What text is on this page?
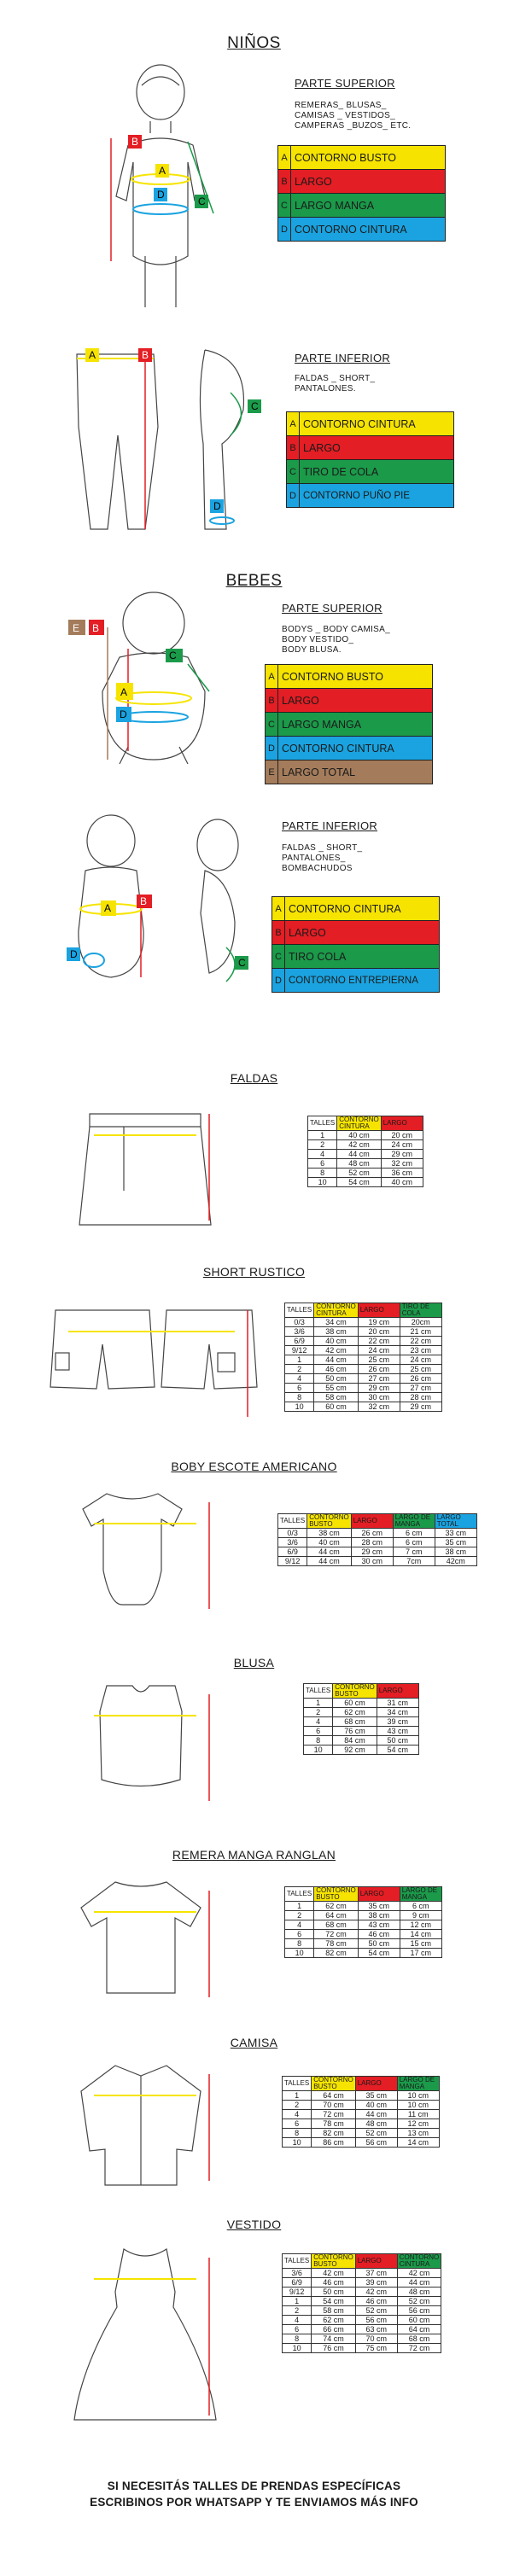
NIÑOS
B
A
D
C
PARTE SUPERIOR
REMERAS_ BLUSAS_
CAMISAS _ VESTIDOS_
CAMPERAS _BUZOS_ ETC.
A	CONTORNO BUSTO
B	LARGO
C	LARGO MANGA
D	CONTORNO CINTURA
A	B
C
D
PARTE INFERIOR
FALDAS _ SHORT_
PANTALONES.
A	CONTORNO CINTURA
B	LARGO
C	TIRO DE COLA
D	CONTORNO PUÑO PIE
BEBES
E B
A
D
C
PARTE SUPERIOR
BODYS _ BODY CAMISA_
BODY VESTIDO_
BODY BLUSA.
A	CONTORNO BUSTO
B	LARGO
C	LARGO MANGA
D	CONTORNO CINTURA
E	LARGO TOTAL
A
B
D
C
PARTE INFERIOR
FALDAS _ SHORT_
PANTALONES_
BOMBACHUDOS
A	CONTORNO CINTURA
B	LARGO
C	TIRO COLA
D	CONTORNO ENTREPIERNA
FALDAS
TALLES	CONTORNO CINTURA	LARGO
1	40 cm	20 cm
2	42 cm	24 cm
4	44 cm	29 cm
6	48 cm	32 cm
8	52 cm	36 cm
10	54 cm	40 cm
SHORT RUSTICO
TALLES	CONTORNO CINTURA	LARGO	TIRO DE COLA
0/3	34 cm	19 cm	20cm
3/6	38 cm	20 cm	21 cm
6/9	40 cm	22 cm	22 cm
9/12	42 cm	24 cm	23 cm
1	44 cm	25 cm	24 cm
2	46 cm	26 cm	25 cm
4	50 cm	27 cm	26 cm
6	55 cm	29 cm	27 cm
8	58 cm	30 cm	28 cm
10	60 cm	32 cm	29 cm
BOBY ESCOTE AMERICANO
TALLES	CONTORNO BUSTO	LARGO	LARGO DE MANGA	LARGO TOTAL
0/3	38 cm	26 cm	6 cm	33 cm
3/6	40 cm	28 cm	6 cm	35 cm
6/9	44 cm	29 cm	7 cm	38 cm
9/12	44 cm	30 cm	7cm	42cm
BLUSA
TALLES	CONTORNO BUSTO	LARGO
1	60 cm	31 cm
2	62 cm	34 cm
4	68 cm	39 cm
6	76 cm	43 cm
8	84 cm	50 cm
10	92 cm	54 cm
REMERA MANGA RANGLAN
TALLES	CONTORNO BUSTO	LARGO	LARGO DE MANGA
1	62 cm	35 cm	6 cm
2	64 cm	38 cm	9 cm
4	68 cm	43 cm	12 cm
6	72 cm	46 cm	14 cm
8	78 cm	50 cm	15 cm
10	82 cm	54 cm	17 cm
CAMISA
TALLES	CONTORNO BUSTO	LARGO	LARGO DE MANGA
1	64 cm	35 cm	10 cm
2	70 cm	40 cm	10 cm
4	72 cm	44 cm	11 cm
6	78 cm	48 cm	12 cm
8	82 cm	52 cm	13 cm
10	86 cm	56 cm	14 cm
VESTIDO
TALLES	CONTORNO BUSTO	LARGO	CONTORNO CINTURA
3/6	42 cm	37 cm	42 cm
6/9	46 cm	39 cm	44 cm
9/12	50 cm	42 cm	48 cm
1	54 cm	46 cm	52 cm
2	58 cm	52 cm	56 cm
4	62 cm	56 cm	60 cm
6	66 cm	63 cm	64 cm
8	74 cm	70 cm	68 cm
10	76 cm	75 cm	72 cm
SI NECESITÁS TALLES DE PRENDAS ESPECÍFICAS
ESCRIBINOS POR WHATSAPP Y TE ENVIAMOS MÁS INFO
